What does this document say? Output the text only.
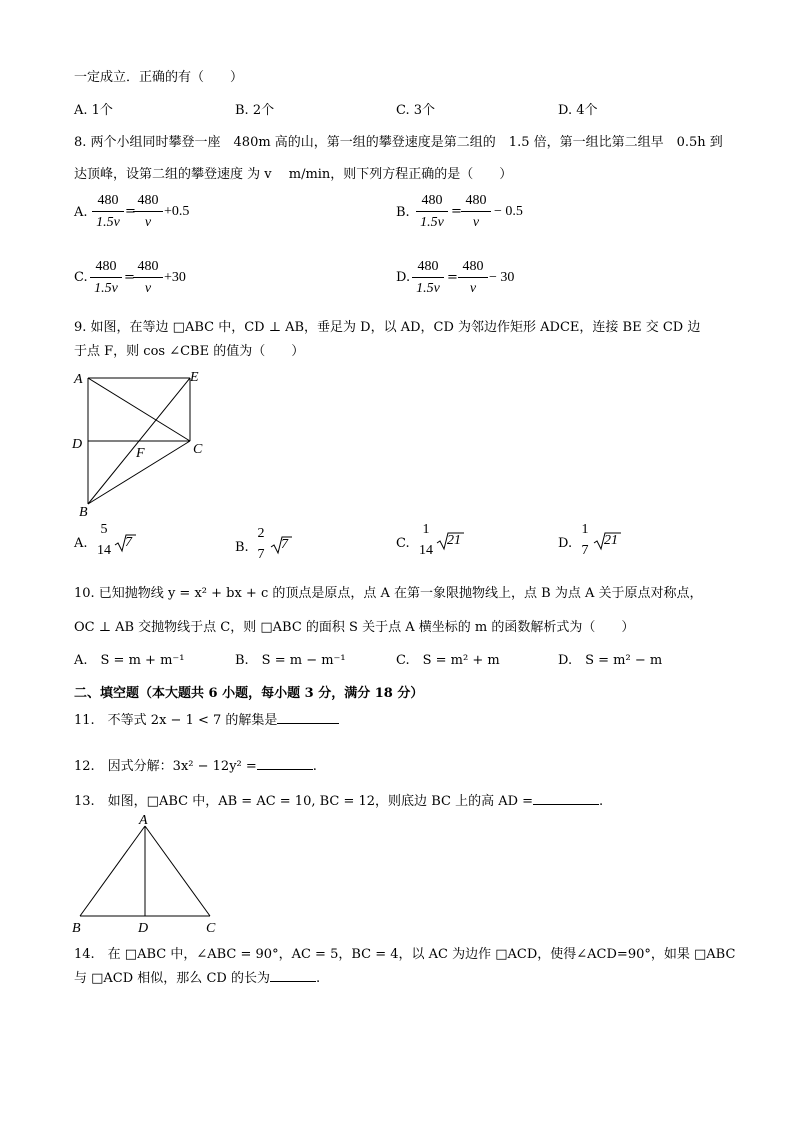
一定成立．正确的有（　　）
A. 1个	B. 2个	C. 3个	D. 4个
8. 两个小组同时攀登一座　480m 高的山，第一组的攀登速度是第二组的　1.5 倍，第一组比第二组早　0.5h 到
达顶峰，设第二组的攀登速度 为 v　 m/min，则下列方程正确的是（　　）
A. $\frac{480}{1.5v}$ =
$\frac{480}{v} +0.5$	B. $\frac{480}{1.5v} = \frac{480}{v} - 0.5$
C. $\frac{480}{1.5v}$ =
$\frac{480}{v} +30$	D. $\frac{480}{1.5v} = \frac{480}{v} - 30$
9. 如图，在等边 □ABC 中，CD ⊥ AB，垂足为 D，以 AD，CD 为邻边作矩形 ADCE，连接 BE 交 CD 边
于点 F，则 cos ∠CBE 的值为（　　）
A	E
D	C
F
B
A.
5
14
7	B.
2
7
7	C.
1
14
21	D.
1
7
21
10. 已知抛物线 y = x² + bx + c 的顶点是原点，点 A 在第一象限抛物线上，点 B 为点 A 关于原点对称点，
OC ⊥ AB 交抛物线于点 C，则 □ABC 的面积 S 关于点 A 横坐标的 m 的函数解析式为（　　）
A.　S = m + m⁻¹	B.　S = m − m⁻¹	C.　S = m² + m	D.　S = m² − m
二、填空题（本大题共 6 小题，每小题 3 分，满分 18 分）
11.　不等式 2x − 1 < 7 的解集是
12.　因式分解：3x² − 12y² =	.
13.　如图，□ABC 中，AB = AC = 10, BC = 12，则底边 BC 上的高 AD =	.
A
B	D	C
14.　在 □ABC 中，∠ABC = 90°，AC = 5，BC = 4，以 AC 为边作 □ACD，使得∠ACD=90°，如果 □ABC
与 □ACD 相似，那么 CD 的长为	.
